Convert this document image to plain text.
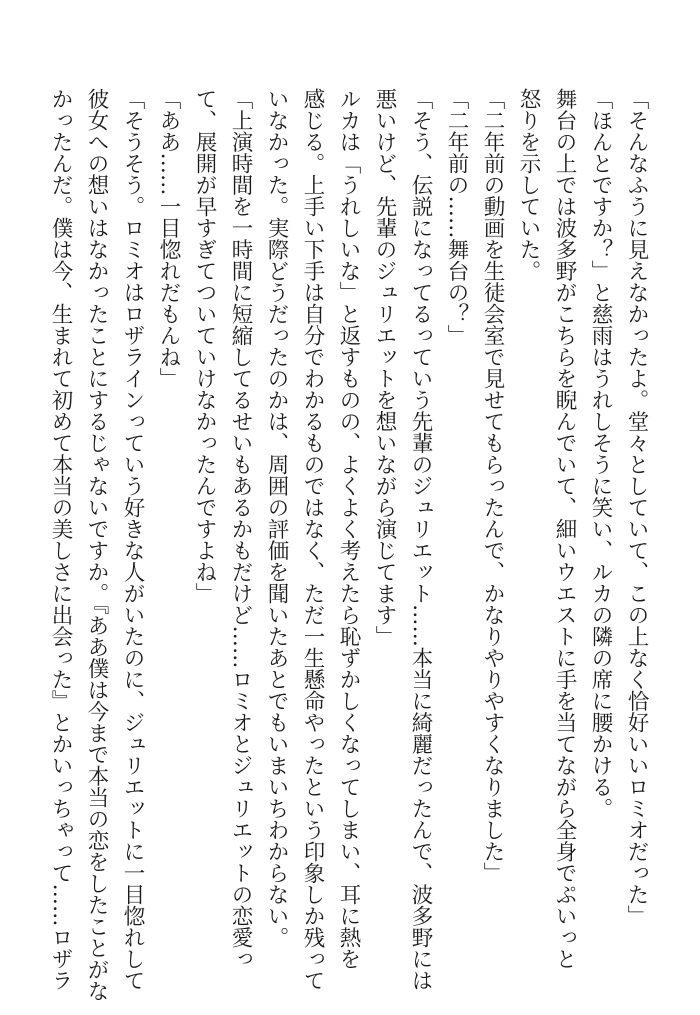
「そんなふうに見えなかったよ。堂々としていて、この上なく恰好いいロミオだった」

「ほんとですか？」と慈雨はうれしそうに笑い、ルカの隣の席に腰かける。

舞台の上では波多野がこちらを睨んでいて、細いウエストに手を当てながら全身でぷいっと

怒りを示していた。

「二年前の動画を生徒会室で見せてもらったんで、かなりやりやすくなりました」

「二年前の……舞台の？」

「そう、伝説になってるっていう先輩のジュリエット……本当に綺麗だったんで、波多野には

悪いけど、先輩のジュリエットを想いながら演じてます」

ルカは「うれしいな」と返すものの、よくよく考えたら恥ずかしくなってしまい、耳に熱を

感じる。上手い下手は自分でわかるものではなく、ただ一生懸命やったという印象しか残って

いなかった。実際どうだったのかは、周囲の評価を聞いたあとでもいまいちわからない。

「上演時間を一時間に短縮してるせいもあるかもだけど……ロミオとジュリエットの恋愛っ

て、展開が早すぎてついていけなかったんですよね」

「ああ……一目惚れだもんね」

「そうそう。ロミオはロザラインっていう好きな人がいたのに、ジュリエットに一目惚れして

彼女への想いはなかったことにするじゃないですか。『ああ僕は今まで本当の恋をしたことがな

かったんだ。僕は今、生まれて初めて本当の美しさに出会った』とかいっちゃって……ロザラ
